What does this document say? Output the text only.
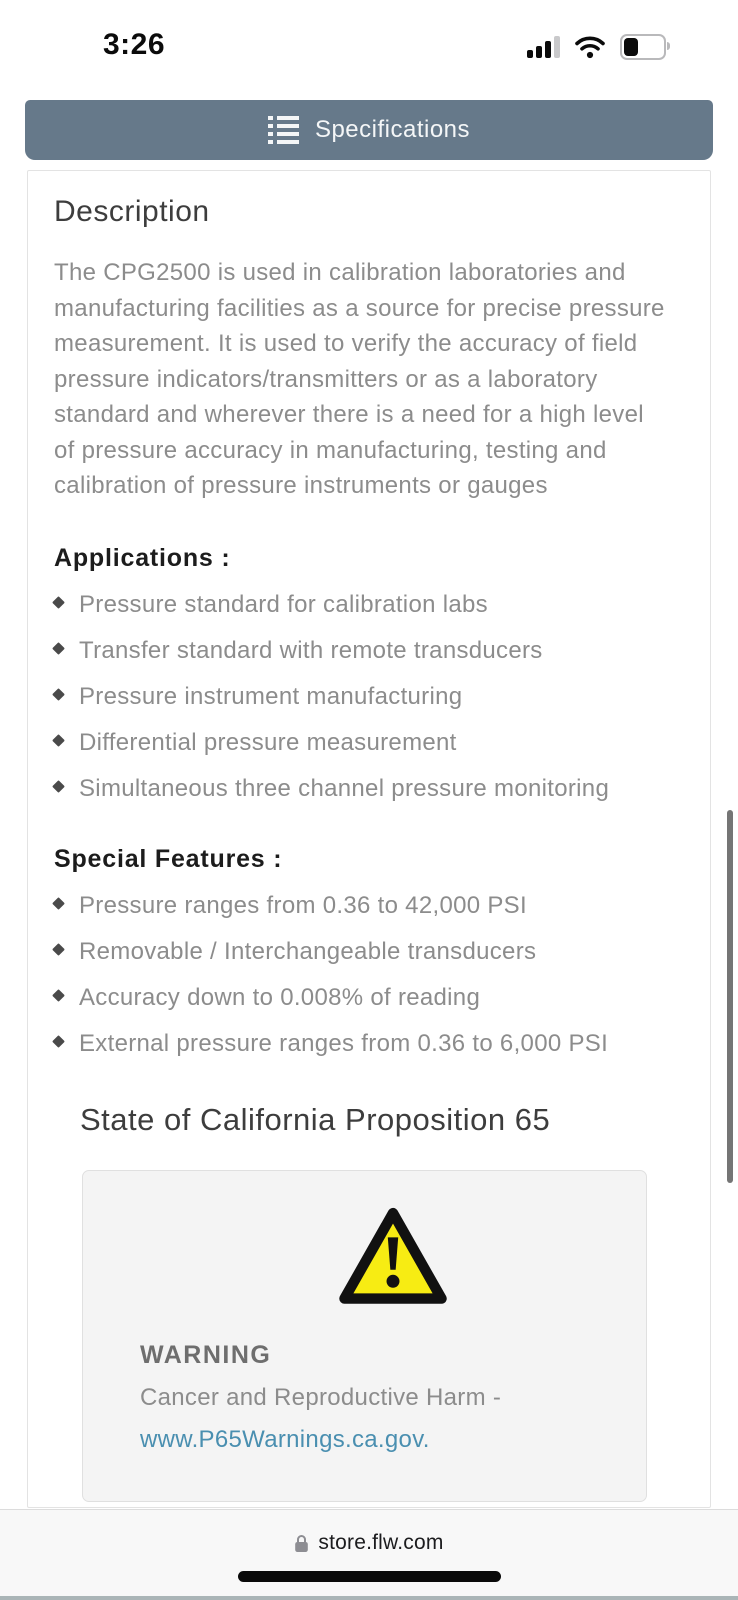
3:26
Specifications
Description

The CPG2500 is used in calibration laboratories and manufacturing facilities as a source for precise pressure measurement. It is used to verify the accuracy of field pressure indicators/transmitters or as a laboratory standard and wherever there is a need for a high level of pressure accuracy in manufacturing, testing and calibration of pressure instruments or gauges

Applications :
Pressure standard for calibration labs
Transfer standard with remote transducers
Pressure instrument manufacturing
Differential pressure measurement
Simultaneous three channel pressure monitoring
Special Features :
Pressure ranges from 0.36 to 42,000 PSI
Removable / Interchangeable transducers
Accuracy down to 0.008% of reading
External pressure ranges from 0.36 to 6,000 PSI
State of California Proposition 65
WARNING
Cancer and Reproductive Harm -
www.P65Warnings.ca.gov.
store.flw.com
